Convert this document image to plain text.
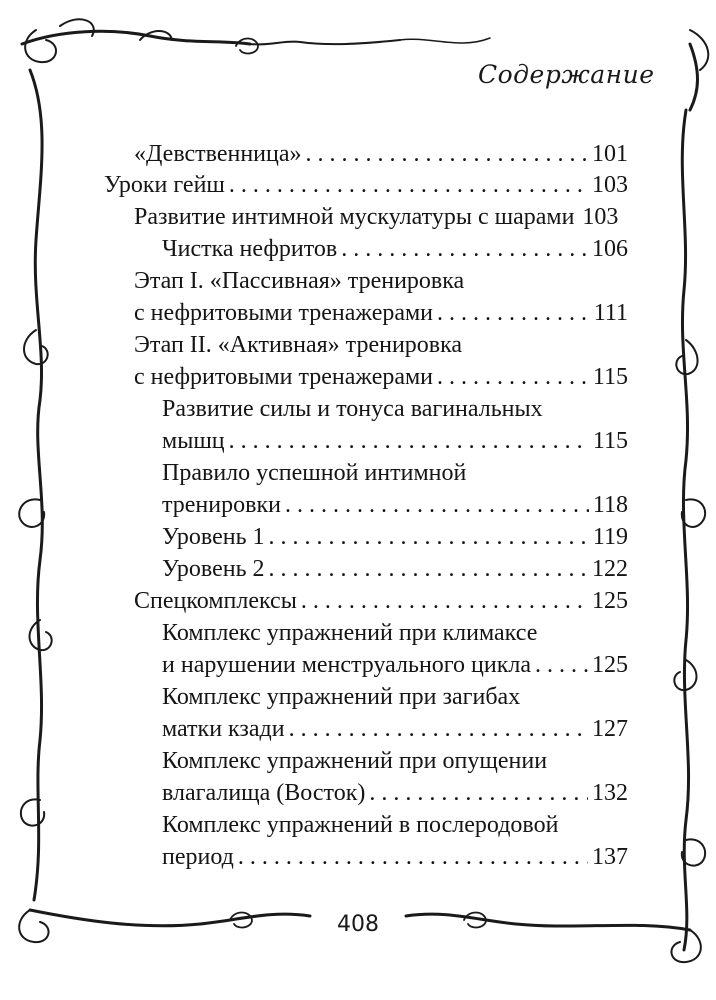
Содержание
«Девственница» . . .	101
Уроки гейш . . .	103
Развитие интимной мускулатуры с шарами 103
Чистка нефритов . . .	106
Этап I. «Пассивная» тренировка
с нефритовыми тренажерами . . .	111
Этап II. «Активная» тренировка
с нефритовыми тренажерами . . .	115
Развитие силы и тонуса вагинальных
мышц . . .	115
Правило успешной интимной
тренировки . . .	118
Уровень 1 . . .	119
Уровень 2 . . .	122
Спецкомплексы . . .	125
Комплекс упражнений при климаксе
и нарушении менструального цикла . . .	125
Комплекс упражнений при загибах
матки кзади . . .	127
Комплекс упражнений при опущении
влагалища (Восток) . . .	132
Комплекс упражнений в послеродовой
период . . .	137
408
